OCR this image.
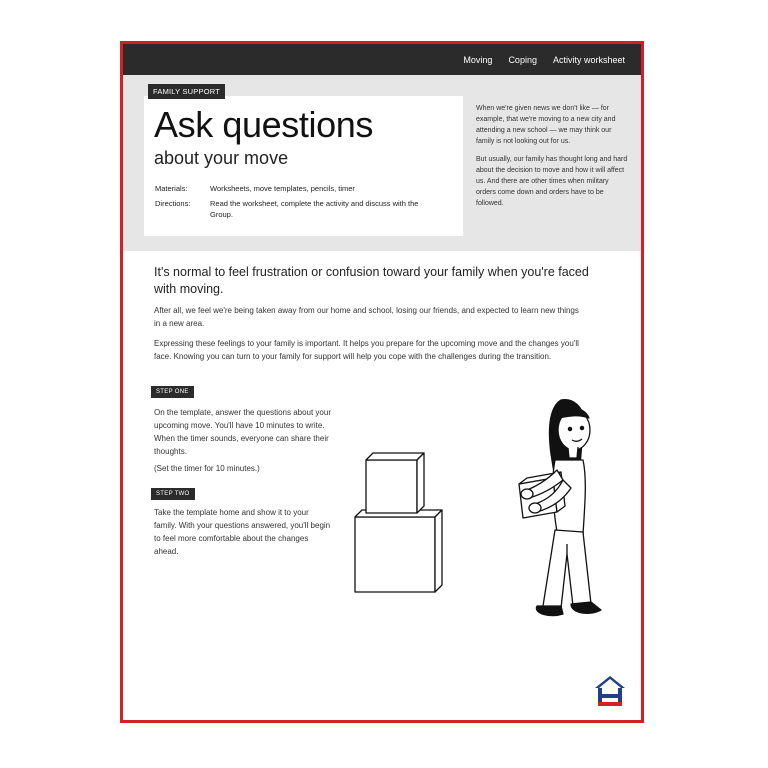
Moving Coping Activity worksheet
FAMILY SUPPORT
Ask questions
about your move
Materials:	Worksheets, move templates, pencils, timer
Directions:	Read the worksheet, complete the activity and discuss with the Group.

When we're given news we don't like — for example, that we're moving to a new city and attending a new school — we may think our family is not looking out for us.

But usually, our family has thought long and hard about the decision to move and how it will affect us. And there are other times when military orders come down and orders have to be followed.

It's normal to feel frustration or confusion toward your family when you're faced with moving.

After all, we feel we're being taken away from our home and school, losing our friends, and expected to learn new things in a new area.

Expressing these feelings to your family is important. It helps you prepare for the upcoming move and the changes you'll face. Knowing you can turn to your family for support will help you cope with the challenges during the transition.

STEP ONE

On the template, answer the questions about your upcoming move. You'll have 10 minutes to write. When the timer sounds, everyone can share their thoughts.

(Set the timer for 10 minutes.)

STEP TWO

Take the template home and show it to your family. With your questions answered, you'll begin to feel more comfortable about the changes ahead.
